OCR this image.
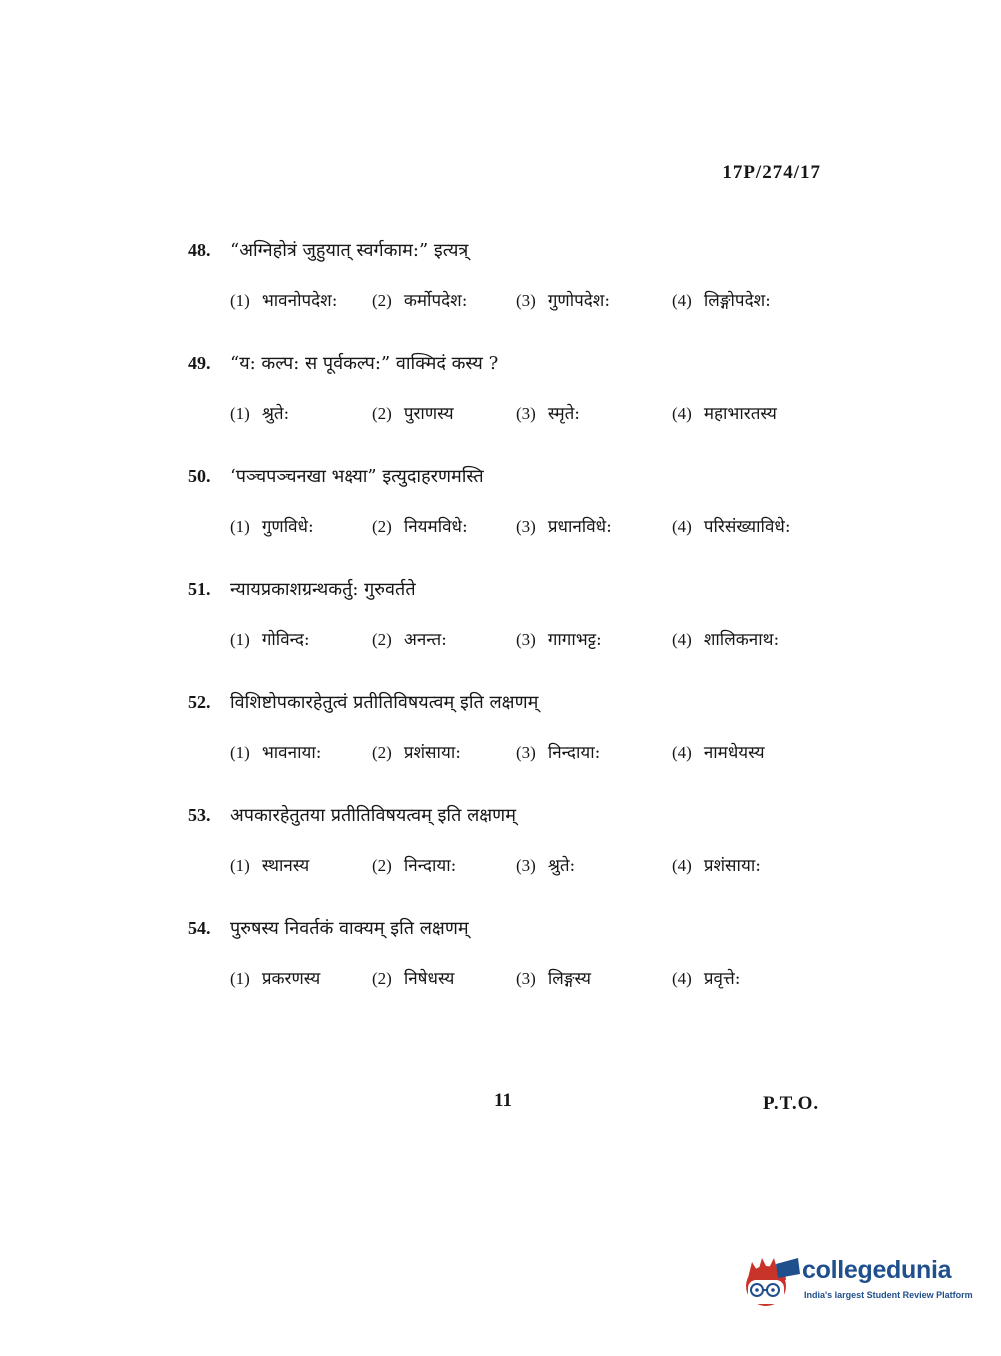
17P/274/17
48.	“अग्निहोत्रं जुहुयात् स्वर्गकाम:” इत्यत्र्
(1) भावनोपदेश: (2) कर्मोपदेश:	(3) गुणोपदेश:	(4) लिङ्गोपदेश:
49.	“य: कल्प: स पूर्वकल्प:” वाक्मिदं कस्य ?
(1) श्रुते:	(2) पुराणस्य	(3) स्मृते:	(4) महाभारतस्य
50.	‘पञ्चपञ्चनखा भक्ष्या” इत्युदाहरणमस्ति
(1) गुणविधे:	(2) नियमविधे:	(3) प्रधानविधे:	(4) परिसंख्याविधे:
51.	न्यायप्रकाशग्रन्थकर्तु: गुरुवर्तते
(1) गोविन्द:	(2) अनन्त:	(3) गागाभट्ट:	(4) शालिकनाथ:
52.	विशिष्टोपकारहेतुत्वं प्रतीतिविषयत्वम् इति लक्षणम्
(1) भावनाया:	(2) प्रशंसाया:	(3) निन्दाया:	(4) नामधेयस्य
53.	अपकारहेतुतया प्रतीतिविषयत्वम् इति लक्षणम्
(1) स्थानस्य	(2) निन्दाया:	(3) श्रुते:	(4) प्रशंसाया:
54.	पुरुषस्य निवर्तकं वाक्यम् इति लक्षणम्
(1) प्रकरणस्य	(2) निषेधस्य	(3) लिङ्गस्य	(4) प्रवृत्ते:
11	P.T.O.
collegedunia
India's largest Student Review Platform
